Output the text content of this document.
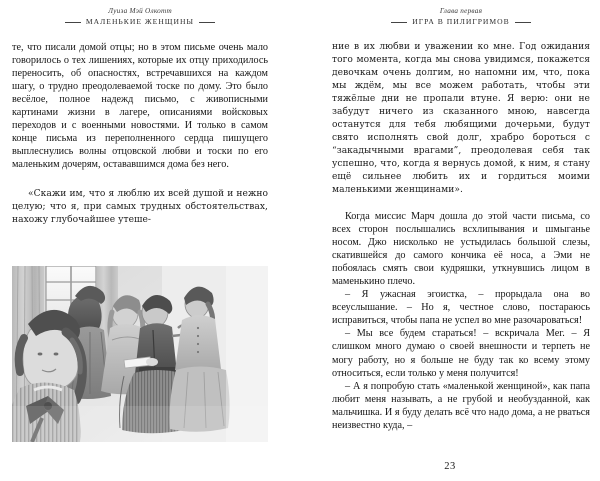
Луиза Мэй Олкотт
МАЛЕНЬКИЕ ЖЕНЩИНЫ

те, что писали домой отцы; но в этом письме очень мало говорилось о тех лишениях, которые их отцу приходилось переносить, об опасностях, встречавшихся на каждом шагу, о трудно преодолеваемой тоске по дому. Это было весёлое, полное надежд письмо, с живописными картинами жизни в лагере, описаниями войсковых переходов и с военными новостями. И только в самом конце письма из переполненного сердца пишущего выплеснулись волны отцовской любви и тоски по его маленьким дочерям, остававшимся дома без него.

«Скажи им, что я люблю их всей душой и нежно целую; что я, при самых трудных обстоятельствах, нахожу глубочайшее утеше-

Глава первая
ИГРА В ПИЛИГРИМОВ

ние в их любви и уважении ко мне. Год ожидания того момента, когда мы снова увидимся, покажется девочкам очень долгим, но напомни им, что, пока мы ждём, мы все можем работать, чтобы эти тяжёлые дни не пропали втуне. Я верю: они не забудут ничего из сказанного мною, навсегда останутся для тебя любящими дочерьми, будут свято исполнять свой долг, храбро бороться с “закадычными врагами”, преодолевая себя так успешно, что, когда я вернусь домой, к ним, я стану ещё сильнее любить их и гордиться моими маленькими женщинами».

Когда миссис Марч дошла до этой части письма, со всех сторон послышались всхлипывания и шмыганье носом. Джо нисколько не устыдилась большой слезы, скатившейся до самого кончика её носа, а Эми не побоялась смять свои кудряшки, уткнувшись лицом в маменькино плечо.

– Я ужасная эгоистка, – прорыдала она во всеуслышание. – Но я, честное слово, постараюсь исправиться, чтобы папа не успел во мне разочароваться!

– Мы все будем стараться! – вскричала Мег. – Я слишком много думаю о своей внешности и терпеть не могу работу, но я больше не буду так ко всему этому относиться, если только у меня получится!

– А я попробую стать «маленькой женщиной», как папа любит меня называть, а не грубой и необузданной, как мальчишка. И я буду делать всё что надо дома, а не рваться неизвестно куда, –

23
